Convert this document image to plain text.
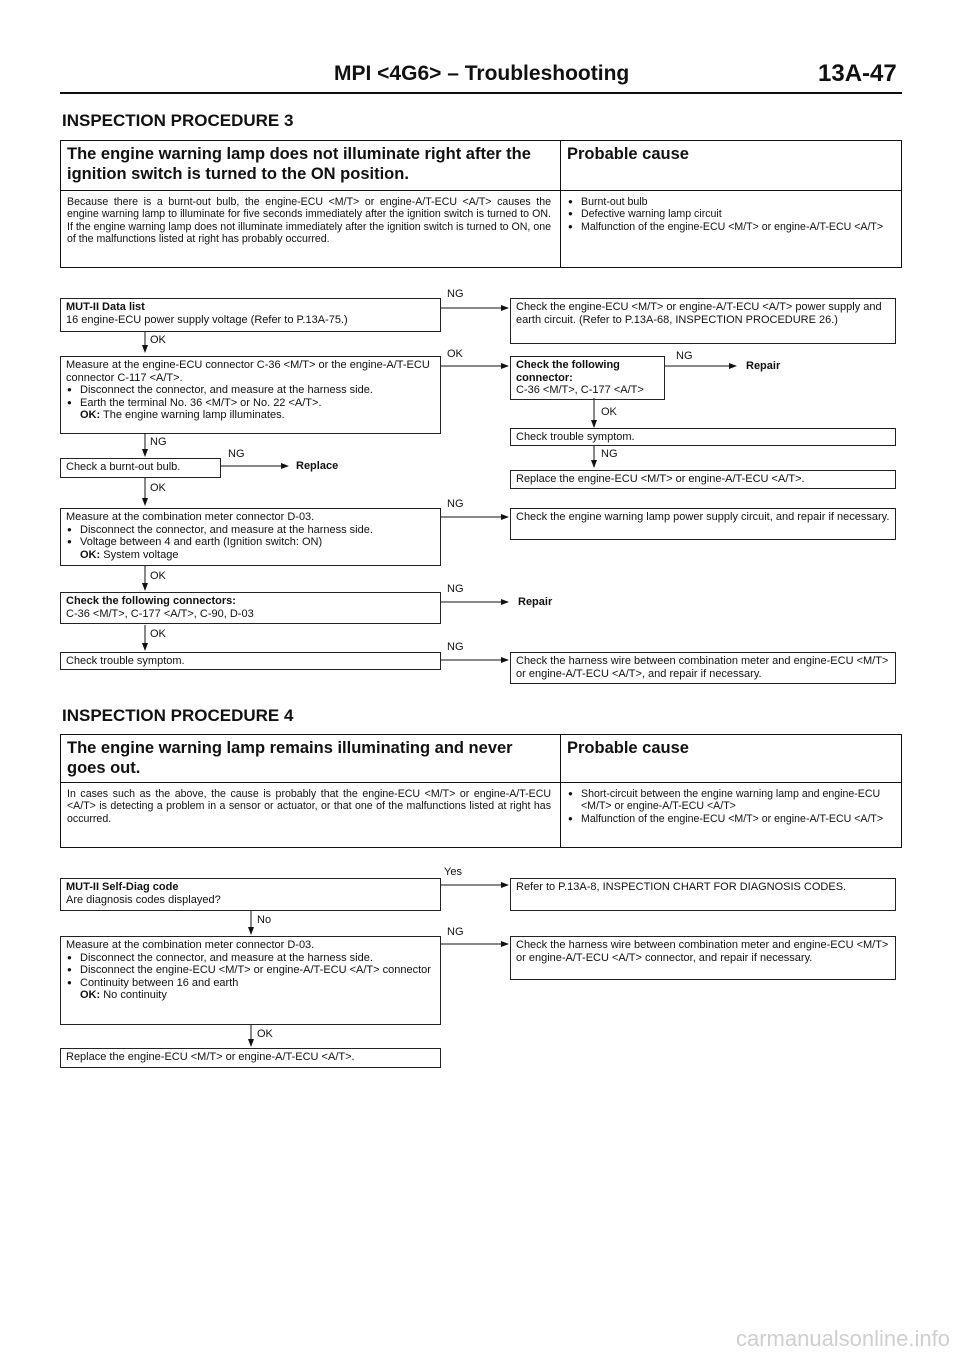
MPI <4G6> – Troubleshooting	13A-47
INSPECTION PROCEDURE 3
The engine warning lamp does not illuminate right after the ignition switch is turned to the ON position.
Probable cause
Because there is a burnt-out bulb, the engine-ECU <M/T> or engine-A/T-ECU <A/T> causes the engine warning lamp to illuminate for five seconds immediately after the ignition switch is turned to ON. If the engine warning lamp does not illuminate immediately after the ignition switch is turned to ON, one of the malfunctions listed at right has probably occurred.
● Burnt-out bulb
● Defective warning lamp circuit
● Malfunction of the engine-ECU <M/T> or engine-A/T-ECU <A/T>
MUT-II Data list
16 engine-ECU power supply voltage (Refer to P.13A-75.)
NG
Check the engine-ECU <M/T> or engine-A/T-ECU <A/T> power supply and earth circuit. (Refer to P.13A-68, INSPECTION PROCEDURE 26.)
OK
Measure at the engine-ECU connector C-36 <M/T> or the engine-A/T-ECU connector C-117 <A/T>.
● Disconnect the connector, and measure at the harness side.
● Earth the terminal No. 36 <M/T> or No. 22 <A/T>.
OK: The engine warning lamp illuminates.
OK
Check the following connector:
C-36 <M/T>, C-177 <A/T>
NG
Repair
OK
Check trouble symptom.
NG
Replace the engine-ECU <M/T> or engine-A/T-ECU <A/T>.
NG
Check a burnt-out bulb.
NG
Replace
OK
Measure at the combination meter connector D-03.
● Disconnect the connector, and measure at the harness side.
● Voltage between 4 and earth (Ignition switch: ON)
OK: System voltage
NG
Check the engine warning lamp power supply circuit, and repair if necessary.
OK
Check the following connectors:
C-36 <M/T>, C-177 <A/T>, C-90, D-03
NG
Repair
OK
Check trouble symptom.
NG
Check the harness wire between combination meter and engine-ECU <M/T> or engine-A/T-ECU <A/T>, and repair if necessary.
INSPECTION PROCEDURE 4
The engine warning lamp remains illuminating and never goes out.
Probable cause
In cases such as the above, the cause is probably that the engine-ECU <M/T> or engine-A/T-ECU <A/T> is detecting a problem in a sensor or actuator, or that one of the malfunctions listed at right has occurred.
● Short-circuit between the engine warning lamp and engine-ECU <M/T> or engine-A/T-ECU <A/T>
● Malfunction of the engine-ECU <M/T> or engine-A/T-ECU <A/T>
MUT-II Self-Diag code
Are diagnosis codes displayed?
Yes
Refer to P.13A-8, INSPECTION CHART FOR DIAGNOSIS CODES.
No
Measure at the combination meter connector D-03.
● Disconnect the connector, and measure at the harness side.
● Disconnect the engine-ECU <M/T> or engine-A/T-ECU <A/T> connector
● Continuity between 16 and earth
OK: No continuity
NG
Check the harness wire between combination meter and engine-ECU <M/T> or engine-A/T-ECU <A/T> connector, and repair if necessary.
OK
Replace the engine-ECU <M/T> or engine-A/T-ECU <A/T>.
carmanualsonline.info
